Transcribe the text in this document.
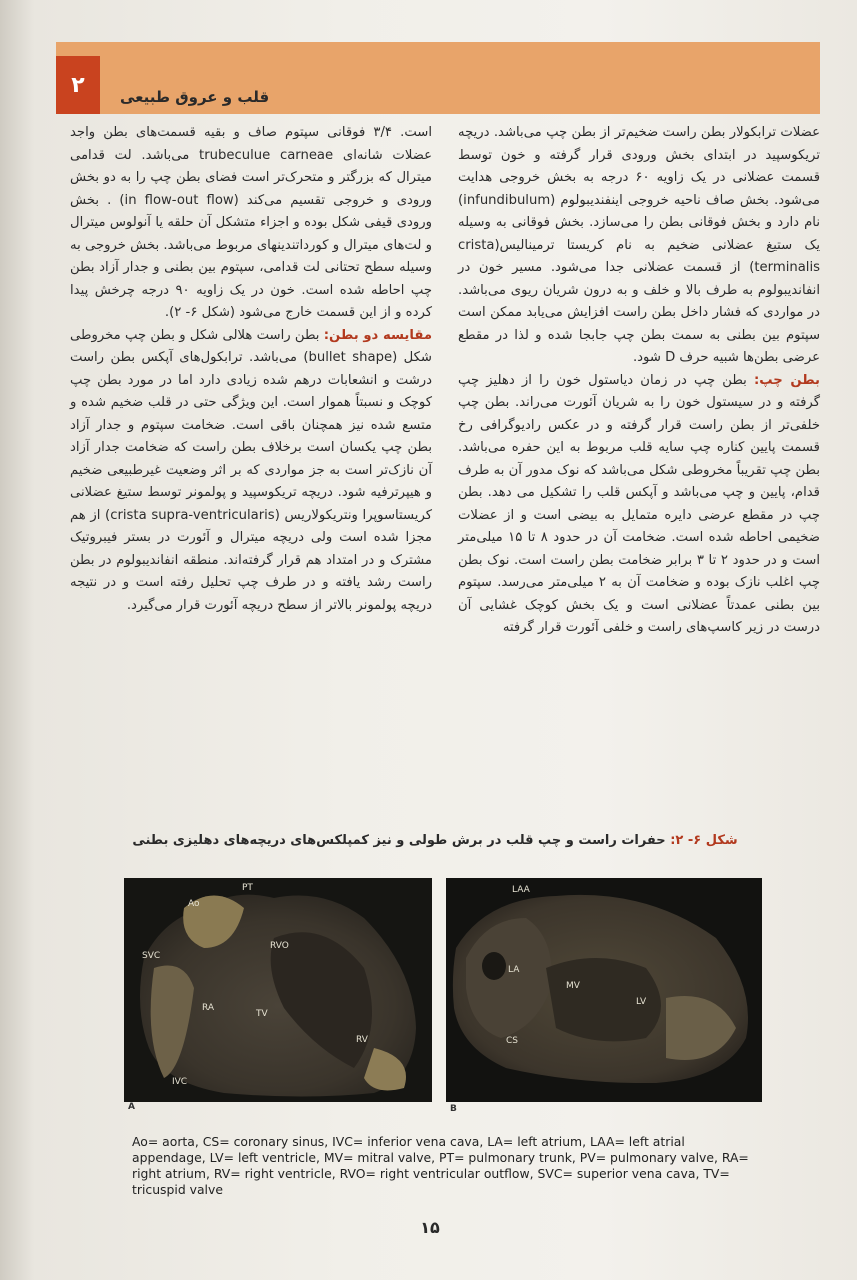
۲	قلب و عروق طبیعی

عضلات ترابکولار بطن راست ضخیم‌تر از بطن چپ می‌باشد. دریچه تریکوسپید در ابتدای بخش ورودی قرار گرفته و خون توسط قسمت عضلانی در یک زاویه ۶۰ درجه به بخش خروجی هدایت می‌شود. بخش صاف ناحیه خروجی اینفندیبولوم (infundibulum) نام دارد و بخش فوقانی بطن را می‌سازد. بخش فوقانی به وسیله یک ستیغ عضلانی ضخیم به نام کریستا ترمینالیس(crista terminalis) از قسمت عضلانی جدا می‌شود. مسیر خون در انفاندیبولوم به طرف بالا و خلف و به درون شریان ریوی می‌باشد. در مواردی که فشار داخل بطن راست افزایش می‌یابد ممکن است سپتوم بین بطنی به سمت بطن چپ جابجا شده و لذا در مقطع عرضی بطن‌ها شبیه حرف D شود.

بطن چپ: بطن چپ در زمان دیاستول خون را از دهلیز چپ گرفته و در سیستول خون را به شریان آئورت می‌راند. بطن چپ خلفی‌تر از بطن راست قرار گرفته و در عکس رادیوگرافی رخ قسمت پایین کناره چپ سایه قلب مربوط به این حفره می‌باشد. بطن چپ تقریباً مخروطی شکل می‌باشد که نوک مدور آن به طرف قدام، پایین و چپ می‌باشد و آپکس قلب را تشکیل می دهد. بطن چپ در مقطع عرضی دایره متمایل به بیضی است و از عضلات ضخیمی احاطه شده است. ضخامت آن در حدود ۸ تا ۱۵ میلی‌متر است و در حدود ۲ تا ۳ برابر ضخامت بطن راست است. نوک بطن چپ اغلب نازک بوده و ضخامت آن به ۲ میلی‌متر می‌رسد. سپتوم بین بطنی عمدتاً عضلانی است و یک بخش کوچک غشایی آن درست در زیر کاسپ‌های راست و خلفی آئورت قرار گرفته

است. ۳/۴ فوقانی سپتوم صاف و بقیه قسمت‌های بطن واجد عضلات شانه‌ای trubeculue carneae می‌باشد. لت قدامی میترال که بزرگتر و متحرک‌تر است فضای بطن چپ را به دو بخش ورودی و خروجی تقسیم می‌کند (in flow-out flow) . بخش ورودی قیفی شکل بوده و اجزاء متشکل آن حلقه یا آنولوس میترال و لت‌های میترال و کورداتندینهای مربوط می‌باشد. بخش خروجی به وسیله سطح تحتانی لت قدامی، سپتوم بین بطنی و جدار آزاد بطن چپ احاطه شده است. خون در یک زاویه ۹۰ درجه چرخش پیدا کرده و از این قسمت خارج می‌شود (شکل ۶- ۲).

مقایسه دو بطن: بطن راست هلالی شکل و بطن چپ مخروطی شکل (bullet shape) می‌باشد. ترابکول‌های آپکس بطن راست درشت و انشعابات درهم شده زیادی دارد اما در مورد بطن چپ کوچک و نسبتاً هموار است. این ویژگی حتی در قلب ضخیم شده و متسع شده نیز همچنان باقی است. ضخامت سپتوم و جدار آزاد بطن چپ یکسان است برخلاف بطن راست که ضخامت جدار آزاد آن نازک‌تر است به جز مواردی که بر اثر وضعیت غیرطبیعی ضخیم و هیپرترفیه شود. دریچه تریکوسپید و پولمونر توسط ستیغ عضلانی کریستاسوپرا ونتریکولاریس (crista supra-ventricularis) از هم مجزا شده است ولی دریچه میترال و آئورت در بستر فیبروتیک مشترک و در امتداد هم قرار گرفته‌اند. منطقه انفاندیبولوم در بطن راست رشد یافته و در طرف چپ تحلیل رفته است و در نتیجه دریچه پولمونر بالاتر از سطح دریچه آئورت قرار می‌گیرد.

شکل ۶- ۲: حفرات راست و چپ قلب در برش طولی و نیز کمپلکس‌های دریچه‌های دهلیزی بطنی
PT
Ao
SVC
RVO
RA
TV
RV
IVC
A
LAA
LA
MV
LV
CS
B
Ao= aorta, CS= coronary sinus, IVC= inferior vena cava, LA= left atrium, LAA= left atrial appendage, LV= left ventricle, MV= mitral valve, PT= pulmonary trunk, PV= pulmonary valve, RA= right atrium, RV= right ventricle, RVO= right ventricular outflow, SVC= superior vena cava, TV= tricuspid valve
۱۵
